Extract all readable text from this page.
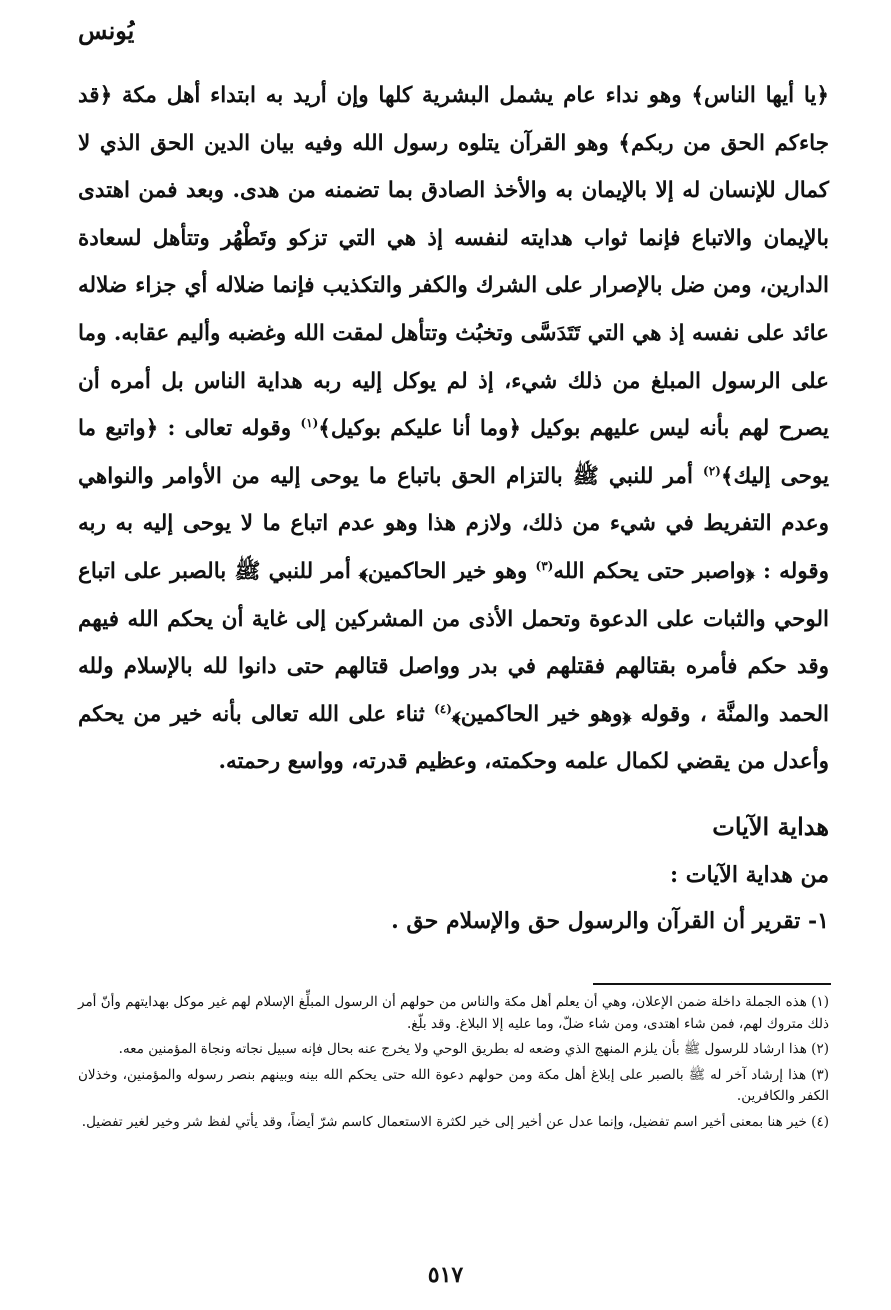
يُونس
﴿يا أيها الناس﴾ وهو نداء عام يشمل البشرية كلها وإن أريد به ابتداء أهل مكة ﴿قد جاءكم الحق من ربكم﴾ وهو القرآن يتلوه رسول الله وفيه بيان الدين الحق الذي لا كمال للإنسان له إلا بالإيمان به والأخذ الصادق بما تضمنه من هدى. وبعد فمن اهتدى بالإيمان والاتباع فإنما ثواب هدايته لنفسه إذ هي التي تزكو وتَطْهُر وتتأهل لسعادة الدارين، ومن ضل بالإصرار على الشرك والكفر والتكذيب فإنما ضلاله أي جزاء ضلاله عائد على نفسه إذ هي التي تَتَدَسَّى وتخبُث وتتأهل لمقت الله وغضبه وأليم عقابه. وما على الرسول المبلغ من ذلك شيء، إذ لم يوكل إليه ربه هداية الناس بل أمره أن يصرح لهم بأنه ليس عليهم بوكيل ﴿وما أنا عليكم بوكيل﴾$^{(١)}$ وقوله تعالى : ﴿واتبع ما يوحى إليك﴾$^{(٢)}$ أمر للنبي ﷺ بالتزام الحق باتباع ما يوحى إليه من الأوامر والنواهي وعدم التفريط في شيء من ذلك، ولازم هذا وهو عدم اتباع ما لا يوحى إليه به ربه وقوله : ﴿واصبر حتى يحكم الله$^{(٣)}$ وهو خير الحاكمين﴾ أمر للنبي ﷺ بالصبر على اتباع الوحي والثبات على الدعوة وتحمل الأذى من المشركين إلى غاية أن يحكم الله فيهم وقد حكم فأمره بقتالهم فقتلهم في بدر وواصل قتالهم حتى دانوا لله بالإسلام ولله الحمد والمنَّة ، وقوله ﴿وهو خير الحاكمين﴾$^{(٤)}$ ثناء على الله تعالى بأنه خير من يحكم وأعدل من يقضي لكمال علمه وحكمته، وعظيم قدرته، وواسع رحمته.
هداية الآيات
من هداية الآيات :
١- تقرير أن القرآن والرسول حق والإسلام حق .

(١) هذه الجملة داخلة ضمن الإعلان، وهي أن يعلم أهل مكة والناس من حولهم أن الرسول المبلِّغ الإسلام لهم غير موكل بهدايتهم وأنّ أمر ذلك متروك لهم، فمن شاء اهتدى، ومن شاء ضلّ، وما عليه إلا البلاغ. وقد بلّغ.

(٢) هذا ارشاد للرسول ﷺ بأن يلزم المنهج الذي وضعه له بطريق الوحي ولا يخرج عنه بحال فإنه سبيل نجاته ونجاة المؤمنين معه.

(٣) هذا إرشاد آخر له ﷺ بالصبر على إبلاغ أهل مكة ومن حولهم دعوة الله حتى يحكم الله بينه وبينهم بنصر رسوله والمؤمنين، وخذلان الكفر والكافرين.

(٤) خير هنا بمعنى أخير اسم تفضيل، وإنما عدل عن أخير إلى خير لكثرة الاستعمال كاسم شرّ أيضاً، وقد يأتي لفظ شر وخير لغير تفضيل.

٥١٧
